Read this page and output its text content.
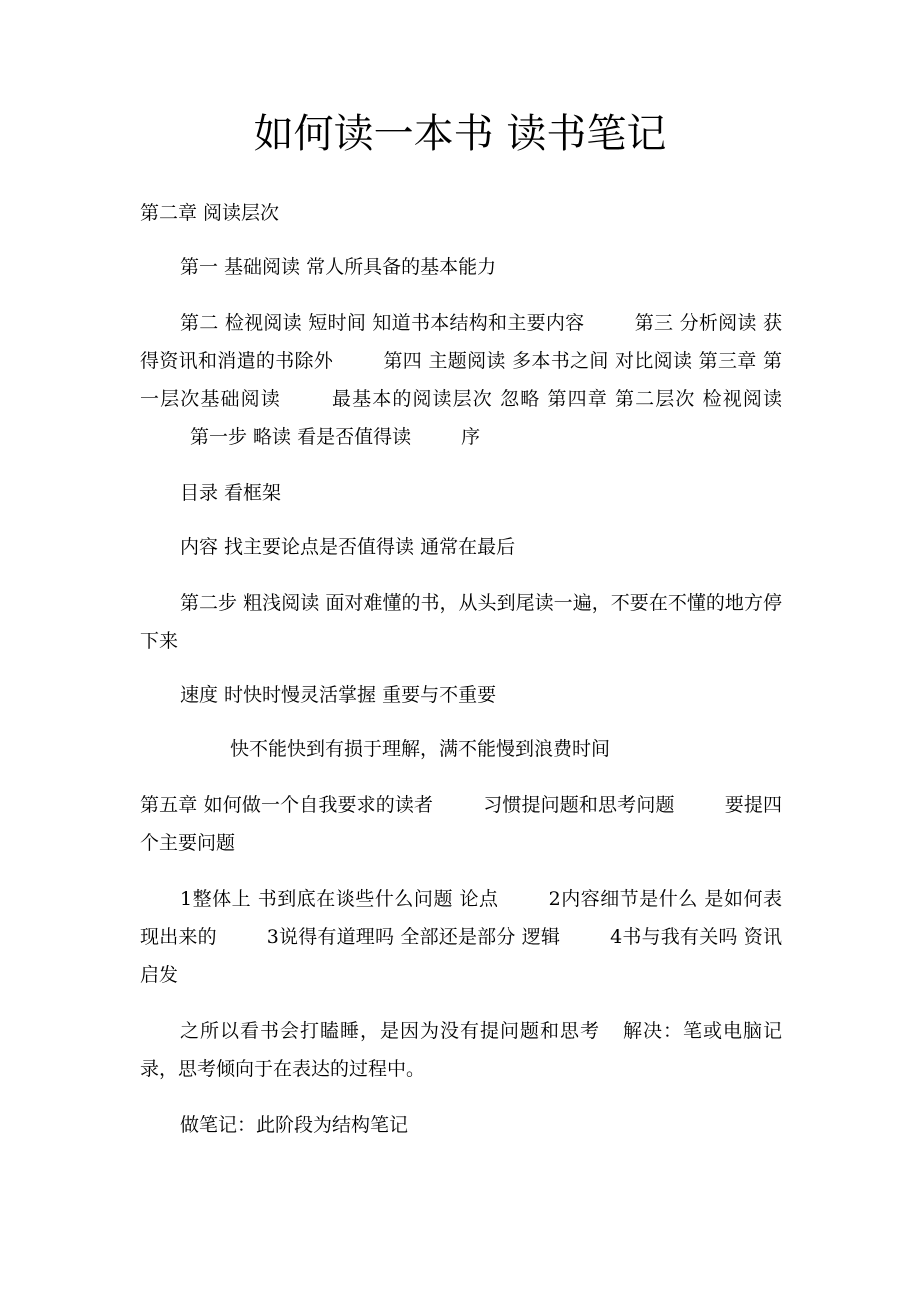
如何读一本书 读书笔记

第二章 阅读层次

第一 基础阅读 常人所具备的基本能力

第二 检视阅读 短时间 知道书本结构和主要内容	第三 分析阅读 获得资讯和消遣的书除外	第四 主题阅读 多本书之间 对比阅读 第三章 第一层次基础阅读	最基本的阅读层次 忽略 第四章 第二层次 检视阅读第一步 略读 看是否值得读	序

目录 看框架

内容 找主要论点是否值得读 通常在最后

第二步 粗浅阅读 面对难懂的书，从头到尾读一遍，不要在不懂的地方停下来

速度 时快时慢灵活掌握 重要与不重要

快不能快到有损于理解，满不能慢到浪费时间

第五章 如何做一个自我要求的读者	习惯提问题和思考问题	要提四个主要问题

1整体上 书到底在谈些什么问题 论点	2内容细节是什么 是如何表现出来的	3说得有道理吗 全部还是部分 逻辑	4书与我有关吗 资讯 启发

之所以看书会打瞌睡，是因为没有提问题和思考 解决：笔或电脑记录，思考倾向于在表达的过程中。

做笔记：此阶段为结构笔记
